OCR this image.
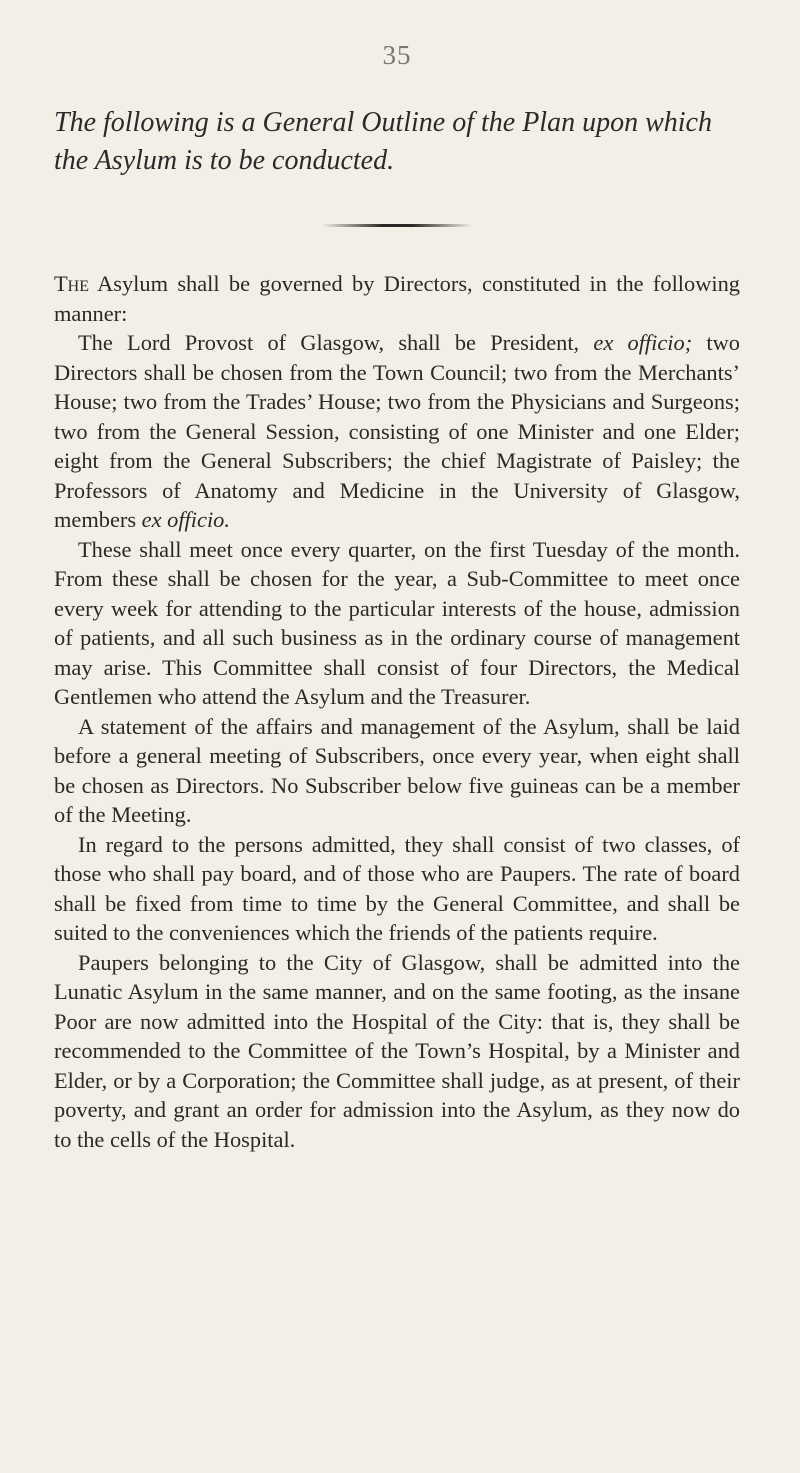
35
The following is a General Outline of the Plan upon which the Asylum is to be conducted.

The Asylum shall be governed by Directors, constituted in the following manner:

The Lord Provost of Glasgow, shall be President, ex officio; two Directors shall be chosen from the Town Council; two from the Merchants’ House; two from the Trades’ House; two from the Physicians and Surgeons; two from the General Session, consisting of one Minister and one Elder; eight from the General Subscribers; the chief Magistrate of Paisley; the Professors of Anatomy and Medicine in the University of Glasgow, members ex officio.

These shall meet once every quarter, on the first Tuesday of the month. From these shall be chosen for the year, a Sub-Committee to meet once every week for attending to the particular interests of the house, admission of patients, and all such business as in the ordinary course of management may arise. This Committee shall consist of four Directors, the Medical Gentlemen who attend the Asylum and the Treasurer.

A statement of the affairs and management of the Asylum, shall be laid before a general meeting of Subscribers, once every year, when eight shall be chosen as Directors. No Subscriber below five guineas can be a member of the Meeting.

In regard to the persons admitted, they shall consist of two classes, of those who shall pay board, and of those who are Paupers. The rate of board shall be fixed from time to time by the General Committee, and shall be suited to the conveniences which the friends of the patients require.

Paupers belonging to the City of Glasgow, shall be admitted into the Lunatic Asylum in the same manner, and on the same footing, as the insane Poor are now admitted into the Hospital of the City: that is, they shall be recommended to the Committee of the Town’s Hospital, by a Minister and Elder, or by a Corporation; the Committee shall judge, as at present, of their poverty, and grant an order for admission into the Asylum, as they now do to the cells of the Hospital.
